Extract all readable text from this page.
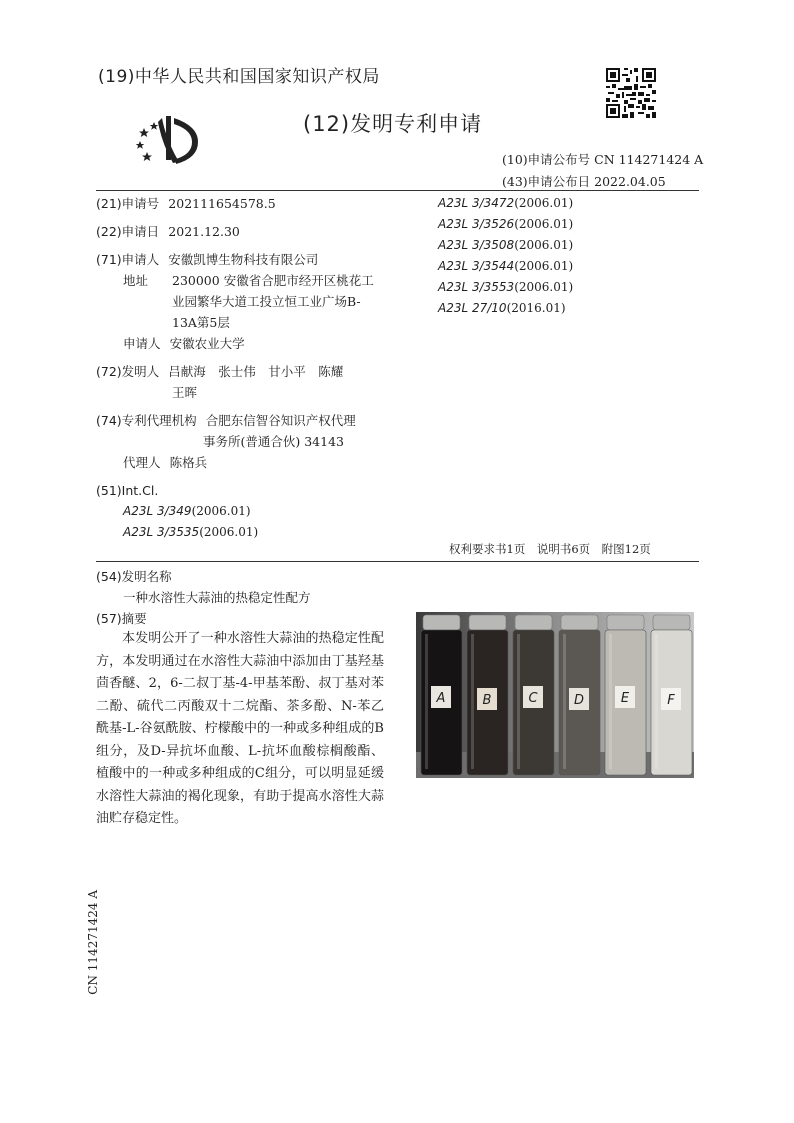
(19)中华人民共和国国家知识产权局
(12)发明专利申请
(10)申请公布号 CN 114271424 A
(43)申请公布日 2022.04.05
(21)申请号 202111654578.5
(22)申请日 2021.12.30
(71)申请人 安徽凯博生物科技有限公司
地址 230000 安徽省合肥市经开区桃花工
业园繁华大道工投立恒工业广场B-
13A第5层
申请人 安徽农业大学
(72)发明人 吕献海　张士伟　甘小平　陈耀
王晖
(74)专利代理机构 合肥东信智谷知识产权代理
事务所(普通合伙) 34143
代理人 陈格兵
(51)Int.Cl.
A23L 3/349(2006.01)
A23L 3/3535(2006.01)
A23L 3/3472(2006.01)
A23L 3/3526(2006.01)
A23L 3/3508(2006.01)
A23L 3/3544(2006.01)
A23L 3/3553(2006.01)
A23L 27/10(2016.01)
权利要求书1页　说明书6页　附图12页
(54)发明名称
一种水溶性大蒜油的热稳定性配方
(57)摘要
本发明公开了一种水溶性大蒜油的热稳定性配方，本发明通过在水溶性大蒜油中添加由丁基羟基茴香醚、2，6-二叔丁基-4-甲基苯酚、叔丁基对苯二酚、硫代二丙酸双十二烷酯、茶多酚、N-苯乙酰基-L-谷氨酰胺、柠檬酸中的一种或多种组成的B组分，及D-异抗坏血酸、L-抗坏血酸棕榈酸酯、植酸中的一种或多种组成的C组分，可以明显延缓水溶性大蒜油的褐化现象，有助于提高水溶性大蒜油贮存稳定性。
A	B	C	D	E	F
CN 114271424 A
